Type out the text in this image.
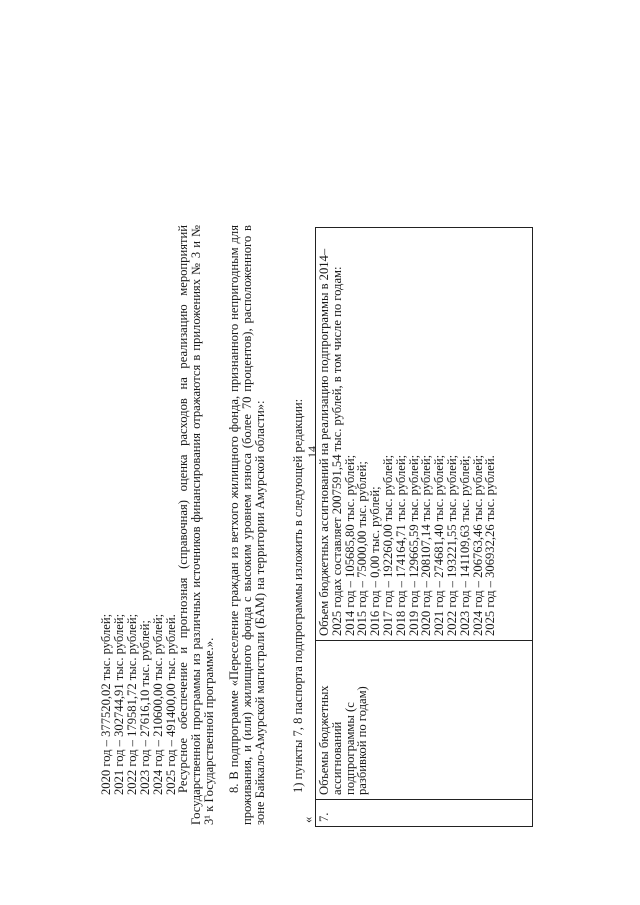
14
2020 год – 377520,02 тыс. рублей;
2021 год – 302744,91 тыс. рублей;
2022 год – 179581,72 тыс. рублей;
2023 год – 27616,10 тыс. рублей;
2024 год – 210600,00 тыс. рублей;
2025 год – 491400,00 тыс. рублей.
Ресурсное обеспечение и прогнозная (справочная) оценка расходов на реализацию мероприятий Государственной программы из различных источников финансирования отражаются в приложениях № 3 и № 3¹ к Государственной программе.». 8. В подпрограмме «Переселение граждан из ветхого жилищного фонда, признанного непригодным для проживания, и (или) жилищного фонда с высоким уровнем износа (более 70 процентов), расположенного в зоне Байкало-Амурской магистрали (БАМ) на территории Амурской области»: 1) пункты 7, 8 паспорта подпрограммы изложить в следующей редакции:
« 7.	Объемы бюджетных ассигнований подпрограммы (с разбивкой по годам)	Объем бюджетных ассигнований на реализацию подпрограммы в 2014–2025 годах составляет 2007591,54 тыс. рублей, в том числе по годам:
2014 год – 105685,80 тыс. рублей;
2015 год – 75000,00 тыс. рублей;
2016 год – 0,00 тыс. рублей;
2017 год – 192260,00 тыс. рублей;
2018 год – 174164,71 тыс. рублей;
2019 год – 129665,59 тыс. рублей;
2020 год – 208107,14 тыс. рублей;
2021 год – 274681,40 тыс. рублей;
2022 год – 193221,55 тыс. рублей;
2023 год – 141109,63 тыс. рублей;
2024 год – 206763,46 тыс. рублей;
2025 год – 306932,26 тыс. рублей.
